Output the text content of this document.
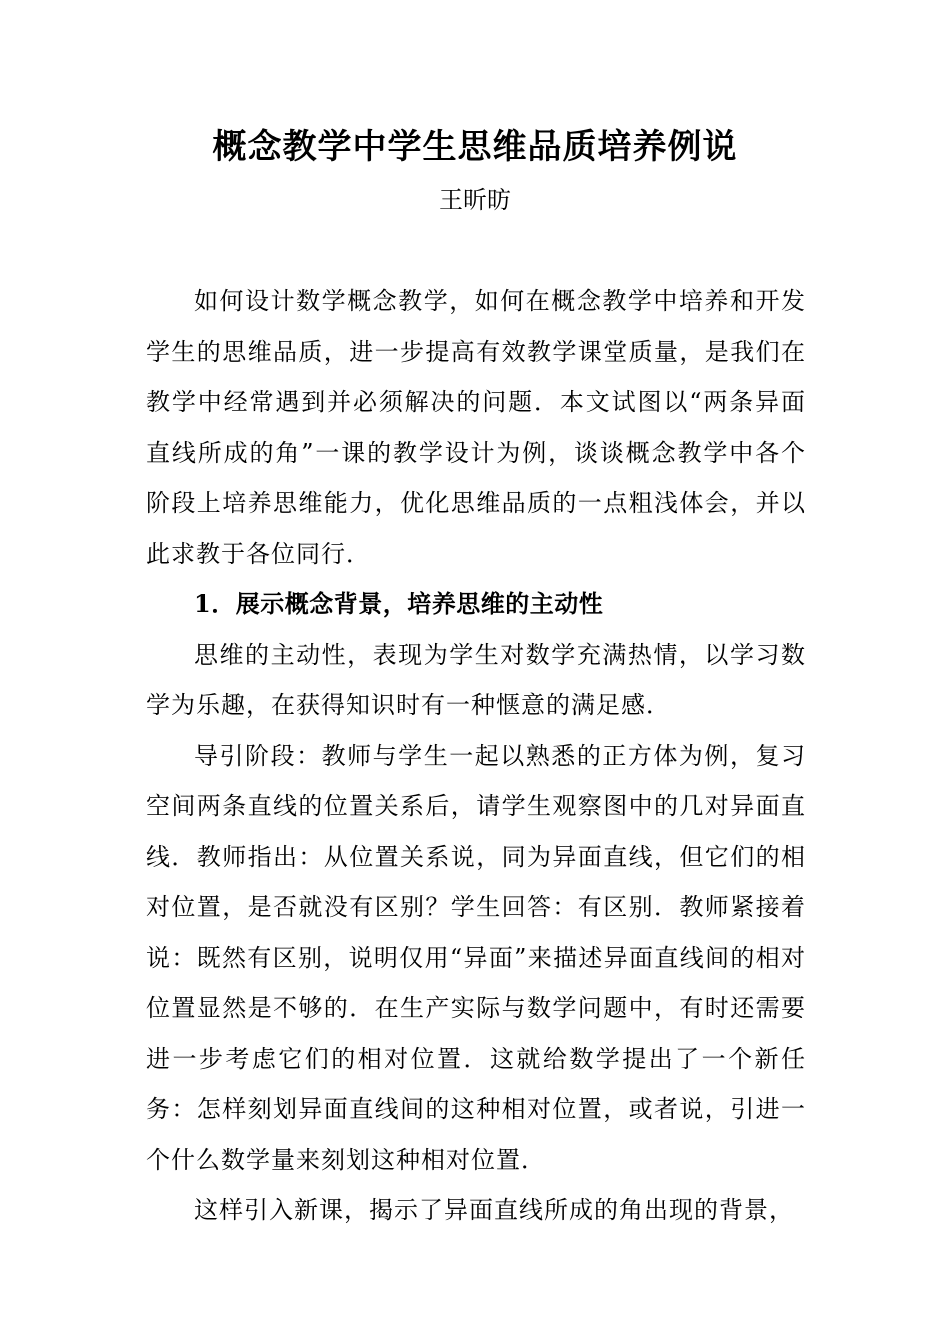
概念教学中学生思维品质培养例说
王昕昉

如何设计数学概念教学，如何在概念教学中培养和开发学生的思维品质，进一步提高有效教学课堂质量，是我们在教学中经常遇到并必须解决的问题．本文试图以“两条异面直线所成的角”一课的教学设计为例，谈谈概念教学中各个阶段上培养思维能力，优化思维品质的一点粗浅体会，并以此求教于各位同行．

1．展示概念背景，培养思维的主动性

思维的主动性，表现为学生对数学充满热情，以学习数学为乐趣，在获得知识时有一种惬意的满足感．

导引阶段：教师与学生一起以熟悉的正方体为例，复习空间两条直线的位置关系后，请学生观察图中的几对异面直线．教师指出：从位置关系说，同为异面直线，但它们的相对位置，是否就没有区别？学生回答：有区别．教师紧接着说：既然有区别，说明仅用“异面”来描述异面直线间的相对位置显然是不够的．在生产实际与数学问题中，有时还需要进一步考虑它们的相对位置．这就给数学提出了一个新任务：怎样刻划异面直线间的这种相对位置，或者说，引进一个什么数学量来刻划这种相对位置．

这样引入新课，揭示了异面直线所成的角出现的背景，
